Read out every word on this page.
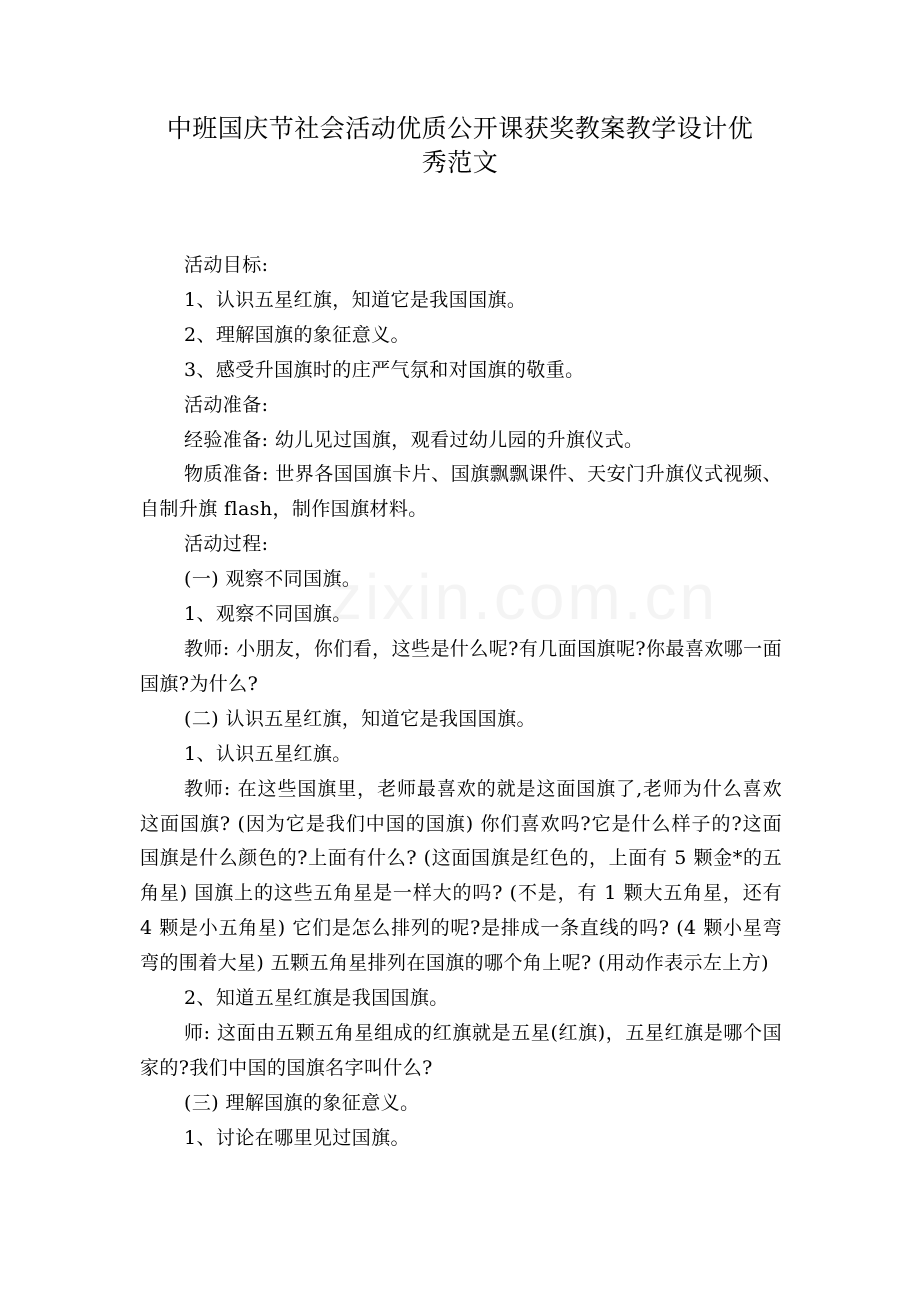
中班国庆节社会活动优质公开课获奖教案教学设计优
秀范文

活动目标:

1、认识五星红旗，知道它是我国国旗。

2、理解国旗的象征意义。

3、感受升国旗时的庄严气氛和对国旗的敬重。

活动准备:

经验准备: 幼儿见过国旗，观看过幼儿园的升旗仪式。

物质准备: 世界各国国旗卡片、国旗飘飘课件、天安门升旗仪式视频、自制升旗 flash，制作国旗材料。

活动过程:

(一) 观察不同国旗。

1、观察不同国旗。

教师: 小朋友，你们看，这些是什么呢?有几面国旗呢?你最喜欢哪一面国旗?为什么?

(二) 认识五星红旗，知道它是我国国旗。

1、认识五星红旗。

教师: 在这些国旗里，老师最喜欢的就是这面国旗了,老师为什么喜欢这面国旗? (因为它是我们中国的国旗) 你们喜欢吗?它是什么样子的?这面国旗是什么颜色的?上面有什么? (这面国旗是红色的，上面有 5 颗金*的五角星) 国旗上的这些五角星是一样大的吗? (不是，有 1 颗大五角星，还有 4 颗是小五角星) 它们是怎么排列的呢?是排成一条直线的吗? (4 颗小星弯弯的围着大星) 五颗五角星排列在国旗的哪个角上呢? (用动作表示左上方)

2、知道五星红旗是我国国旗。

师: 这面由五颗五角星组成的红旗就是五星(红旗)，五星红旗是哪个国家的?我们中国的国旗名字叫什么?

(三) 理解国旗的象征意义。

1、讨论在哪里见过国旗。
